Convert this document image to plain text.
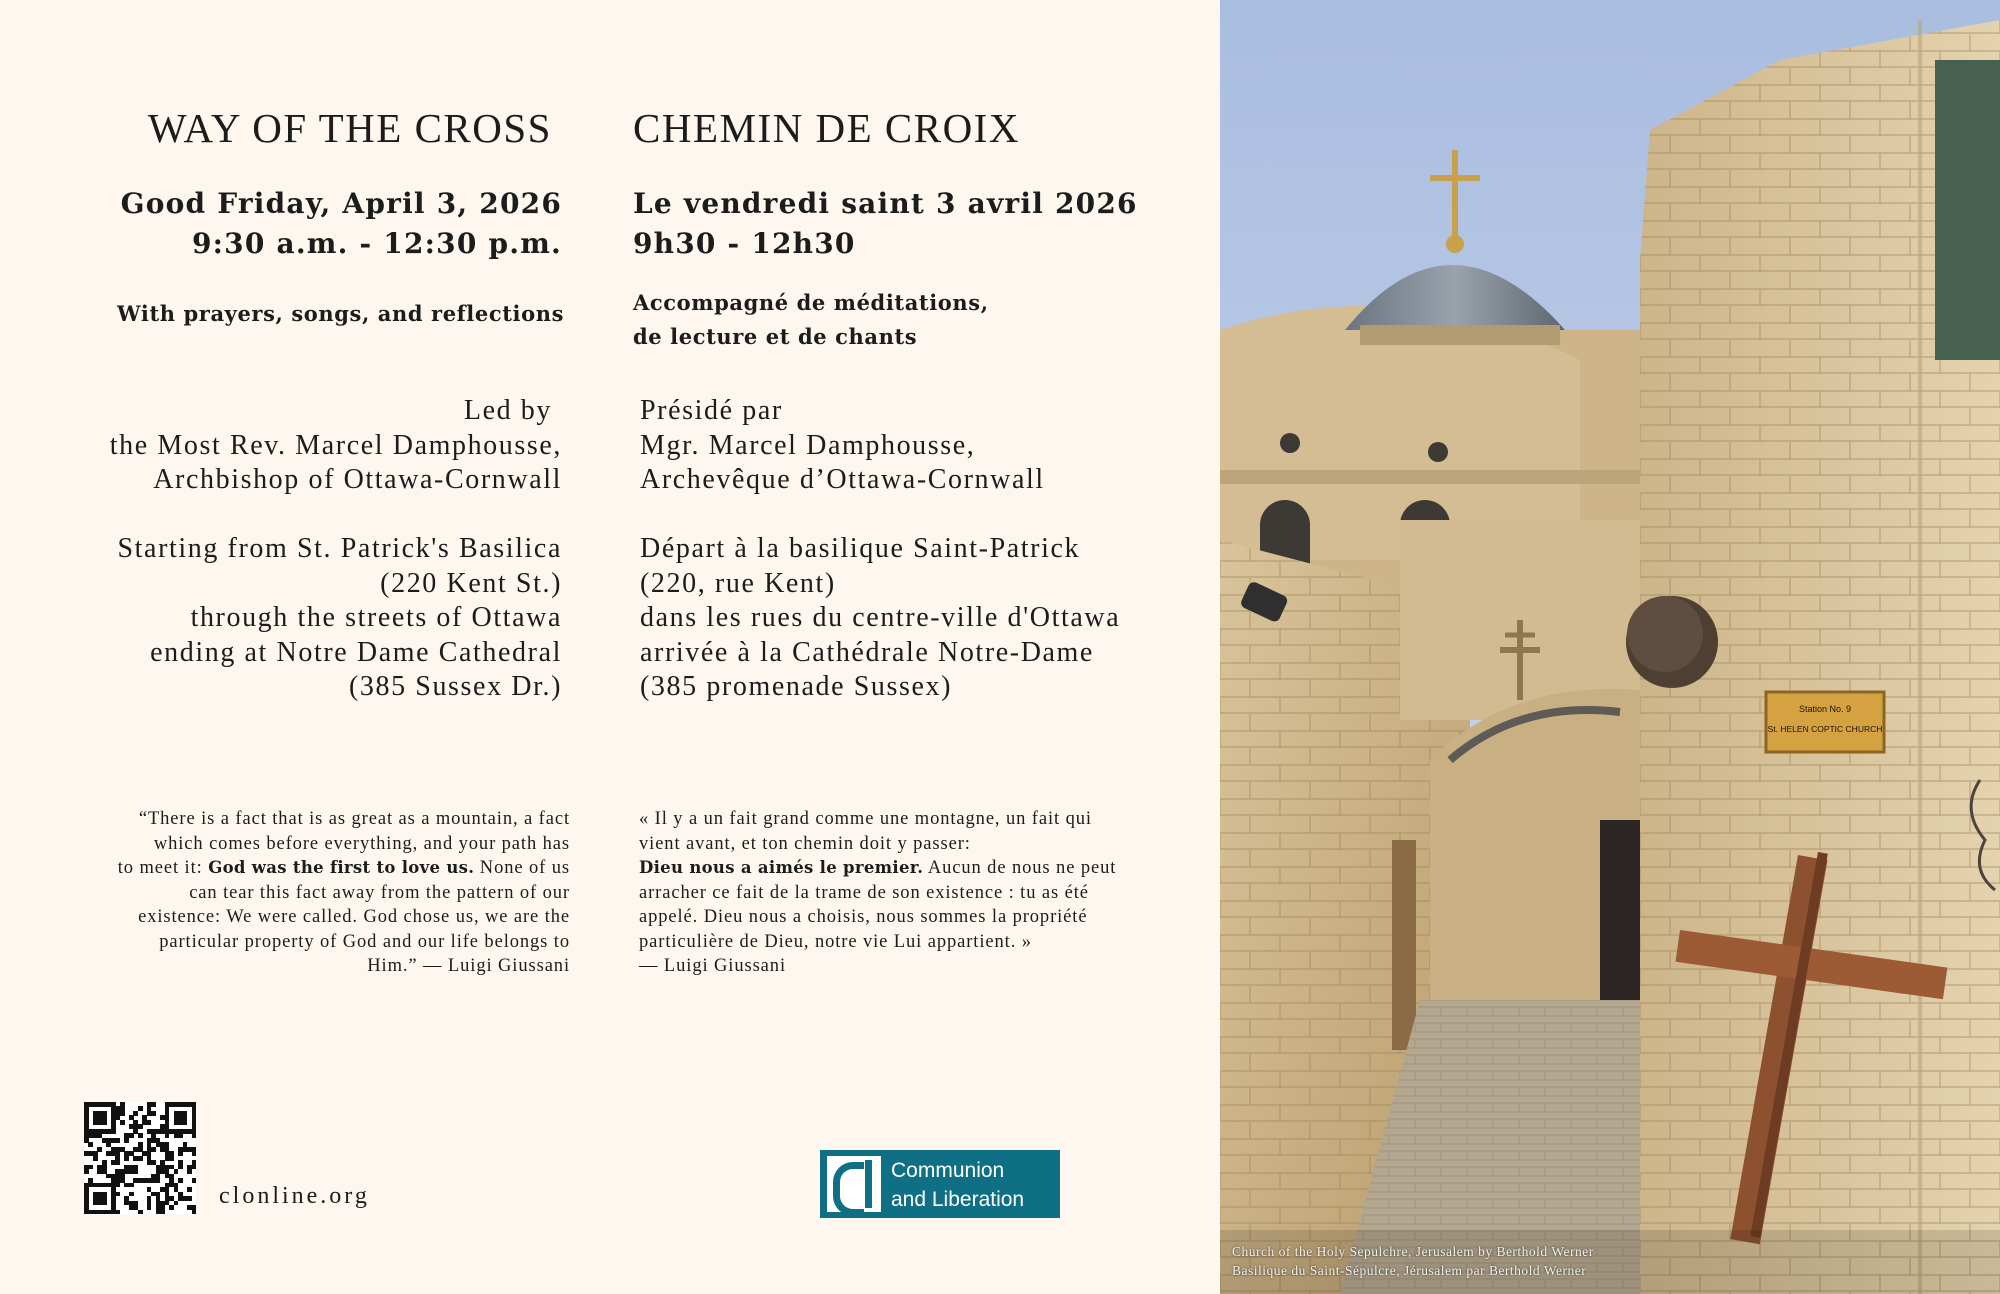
WAY OF THE CROSS
Good Friday, April 3, 2026
9:30 a.m. - 12:30 p.m.
With prayers, songs, and reflections
Led by
the Most Rev. Marcel Damphousse,
Archbishop of Ottawa-Cornwall
Starting from St. Patrick's Basilica
(220 Kent St.)
through the streets of Ottawa
ending at Notre Dame Cathedral
(385 Sussex Dr.)
“There is a fact that is as great as a mountain, a fact
which comes before everything, and your path has
to meet it: God was the first to love us. None of us
can tear this fact away from the pattern of our
existence: We were called. God chose us, we are the
particular property of God and our life belongs to
Him.” — Luigi Giussani
CHEMIN DE CROIX
Le vendredi saint 3 avril 2026
9h30 - 12h30
Accompagné de méditations,
de lecture et de chants
Présidé par
Mgr. Marcel Damphousse,
Archevêque d’Ottawa-Cornwall
Départ à la basilique Saint-Patrick
(220, rue Kent)
dans les rues du centre-ville d'Ottawa
arrivée à la Cathédrale Notre-Dame
(385 promenade Sussex)
« Il y a un fait grand comme une montagne, un fait qui
vient avant, et ton chemin doit y passer:
Dieu nous a aimés le premier. Aucun de nous ne peut
arracher ce fait de la trame de son existence : tu as été
appelé. Dieu nous a choisis, nous sommes la propriété
particulière de Dieu, notre vie Lui appartient. »
— Luigi Giussani
clonline.org
Communion
and Liberation
Station No. 9
St. HELEN COPTIC CHURCH
Church of the Holy Sepulchre, Jerusalem by Berthold Werner
Basilique du Saint-Sépulcre, Jérusalem par Berthold Werner
